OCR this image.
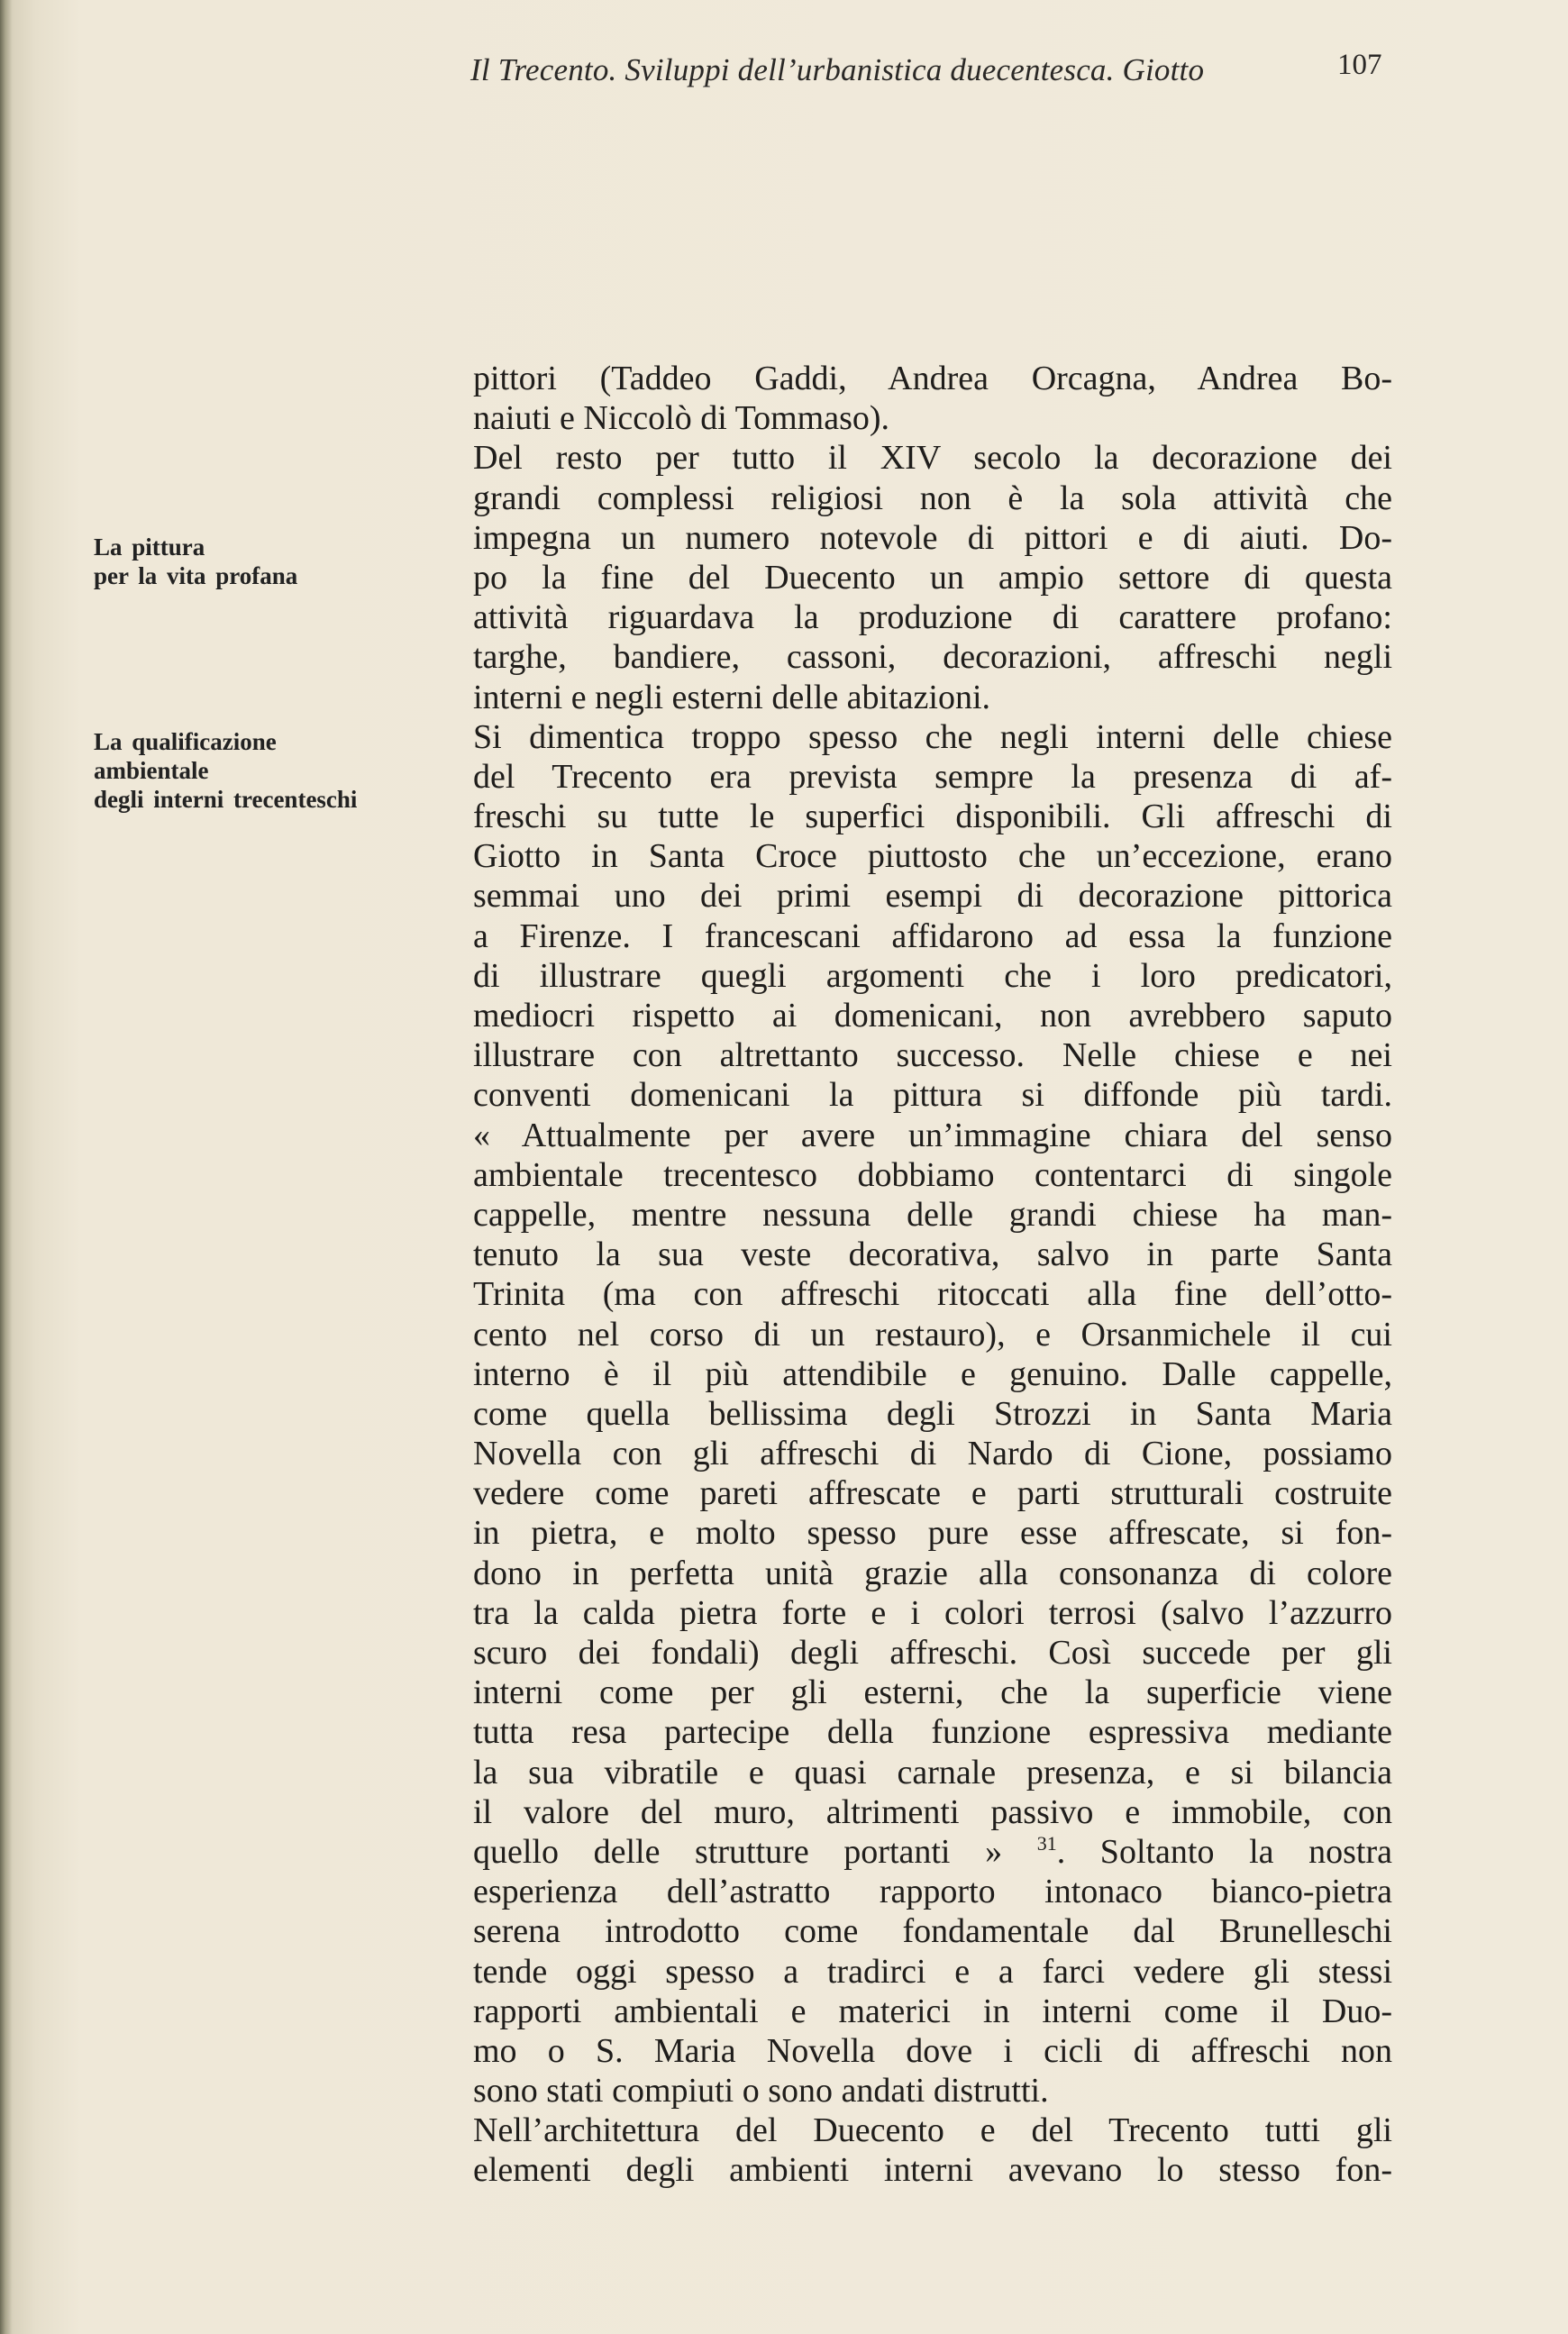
Il Trecento. Sviluppi dell’urbanistica duecentesca. Giotto	107
La pittura
per la vita profana
La qualificazione
ambientale
degli interni trecenteschi
pittori (Taddeo Gaddi, Andrea Orcagna, Andrea Bo-
naiuti e Niccolò di Tommaso).
Del resto per tutto il XIV secolo la decorazione dei
grandi complessi religiosi non è la sola attività che
impegna un numero notevole di pittori e di aiuti. Do-
po la fine del Duecento un ampio settore di questa
attività riguardava la produzione di carattere profano:
targhe, bandiere, cassoni, decorazioni, affreschi negli
interni e negli esterni delle abitazioni.
Si dimentica troppo spesso che negli interni delle chiese
del Trecento era prevista sempre la presenza di af-
freschi su tutte le superfici disponibili. Gli affreschi di
Giotto in Santa Croce piuttosto che un’eccezione, erano
semmai uno dei primi esempi di decorazione pittorica
a Firenze. I francescani affidarono ad essa la funzione
di illustrare quegli argomenti che i loro predicatori,
mediocri rispetto ai domenicani, non avrebbero saputo
illustrare con altrettanto successo. Nelle chiese e nei
conventi domenicani la pittura si diffonde più tardi.
« Attualmente per avere un’immagine chiara del senso
ambientale trecentesco dobbiamo contentarci di singole
cappelle, mentre nessuna delle grandi chiese ha man-
tenuto la sua veste decorativa, salvo in parte Santa
Trinita (ma con affreschi ritoccati alla fine dell’otto-
cento nel corso di un restauro), e Orsanmichele il cui
interno è il più attendibile e genuino. Dalle cappelle,
come quella bellissima degli Strozzi in Santa Maria
Novella con gli affreschi di Nardo di Cione, possiamo
vedere come pareti affrescate e parti strutturali costruite
in pietra, e molto spesso pure esse affrescate, si fon-
dono in perfetta unità grazie alla consonanza di colore
tra la calda pietra forte e i colori terrosi (salvo l’azzurro
scuro dei fondali) degli affreschi. Così succede per gli
interni come per gli esterni, che la superficie viene
tutta resa partecipe della funzione espressiva mediante
la sua vibratile e quasi carnale presenza, e si bilancia
il valore del muro, altrimenti passivo e immobile, con
quello delle strutture portanti » $^{31}$. Soltanto la nostra
esperienza dell’astratto rapporto intonaco bianco-pietra
serena introdotto come fondamentale dal Brunelleschi
tende oggi spesso a tradirci e a farci vedere gli stessi
rapporti ambientali e materici in interni come il Duo-
mo o S. Maria Novella dove i cicli di affreschi non
sono stati compiuti o sono andati distrutti.
Nell’architettura del Duecento e del Trecento tutti gli
elementi degli ambienti interni avevano lo stesso fon-
